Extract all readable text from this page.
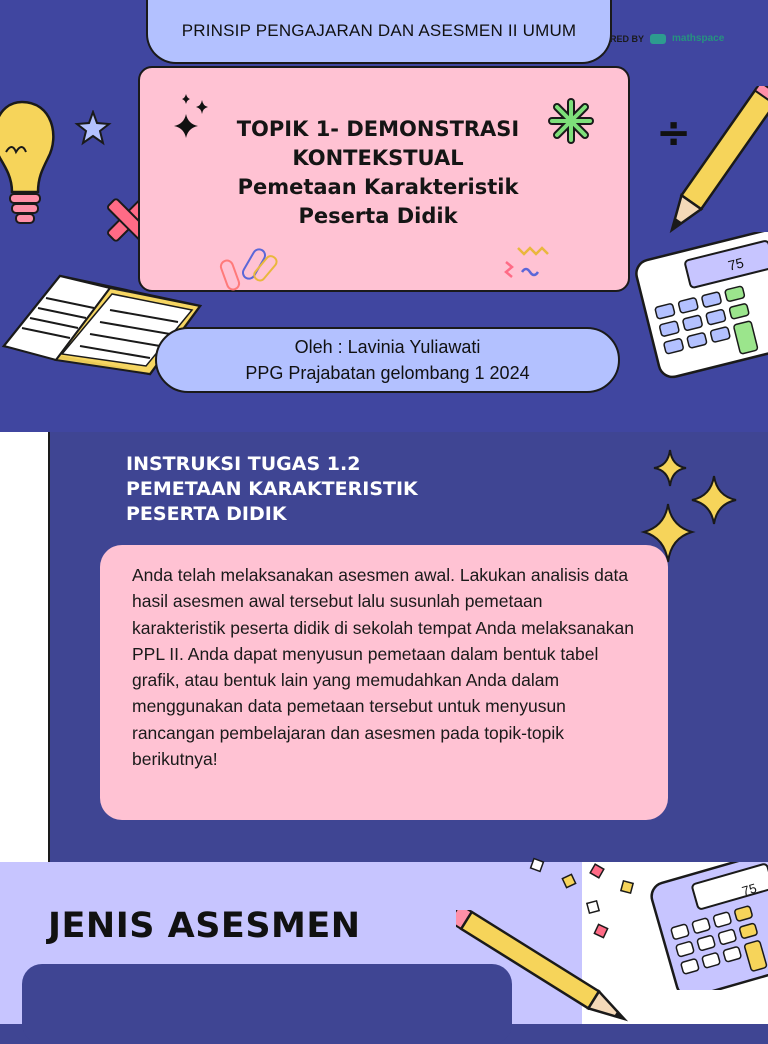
PRINSIP PENGAJARAN DAN ASESMEN II UMUM	RED BY	mathspace
TOPIK 1- DEMONSTRASI
KONTEKSTUAL
Pemetaan Karakteristik
Peserta Didik
÷
75
Oleh : Lavinia Yuliawati
PPG Prajabatan gelombang 1 2024
INSTRUKSI TUGAS 1.2
PEMETAAN KARAKTERISTIK
PESERTA DIDIK

Anda telah melaksanakan asesmen awal. Lakukan analisis data hasil asesmen awal tersebut lalu susunlah pemetaan karakteristik peserta didik di sekolah tempat Anda melaksanakan PPL II. Anda dapat menyusun pemetaan dalam bentuk tabel grafik, atau bentuk lain yang memudahkan Anda dalam menggunakan data pemetaan tersebut untuk menyusun rancangan pembelajaran dan asesmen pada topik-topik berikutnya!

JENIS ASESMEN
75
